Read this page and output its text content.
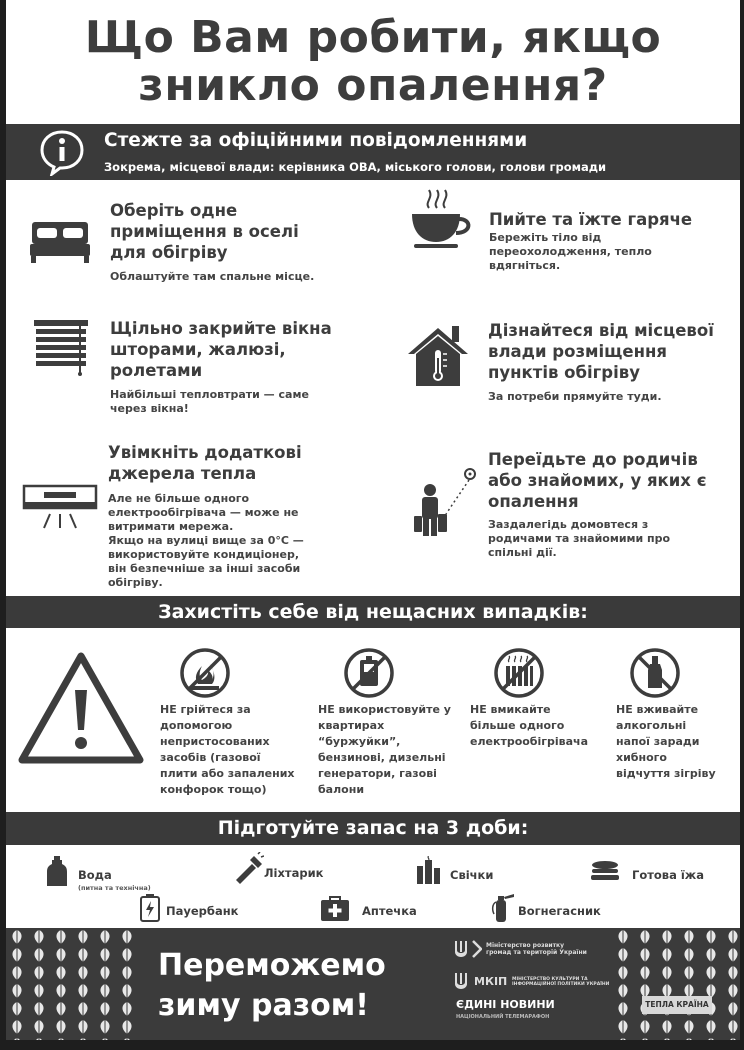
Що Вам робити, якщо
зникло опалення?
Стежте за офіційними повідомленнями
Зокрема, місцевої влади: керівника ОВА, міського голови, голови громади
Оберіть одне приміщення в оселі для обігріву
Облаштуйте там спальне місце.
Пийте та їжте гаряче
Бережіть тіло від
переохолодження, тепло
вдягніться.
Щільно закрийте вікна шторами, жалюзі, ролетами
Найбільші тепловтрати — саме
через вікна!
Дізнайтеся від місцевої влади розміщення пунктів обігріву
За потреби прямуйте туди.
Увімкніть додаткові джерела тепла
Але не більше одного
електрообігрівача — може не
витримати мережа.
Якщо на вулиці вище за 0°С —
використовуйте кондиціонер,
він безпечніше за інші засоби
обігріву.
Переїдьте до родичів або знайомих, у яких є опалення
Заздалегідь домовтеся з
родичами та знайомими про
спільні дії.
Захистіть себе від нещасних випадків:
НЕ грійтеся за
допомогою
непристосованих
засобів (газової
плити або запалених
конфорок тощо)
НЕ використовуйте у
квартирах
“буржуйки”,
бензинові, дизельні
генератори, газові
балони
НЕ вмикайте
більше одного
електрообігрівача
НЕ вживайте
алкогольні
напої заради
хибного
відчуття зігріву
Підготуйте запас на 3 доби:
Вода
(питна та технічна)
Ліхтарик	Свічки	Готова їжа
Пауербанк	Аптечка	Вогнегасник
Переможемо
зиму разом!
Міністерство розвитку
громад та територій України
МКІП МІНІСТЕРСТВО КУЛЬТУРИ ТА
ІНФОРМАЦІЙНОЇ ПОЛІТИКИ УКРАЇНИ
ЄДИНІ НОВИНИ
НАЦІОНАЛЬНИЙ ТЕЛЕМАРАФОН
ТЕПЛА КРАЇНА
